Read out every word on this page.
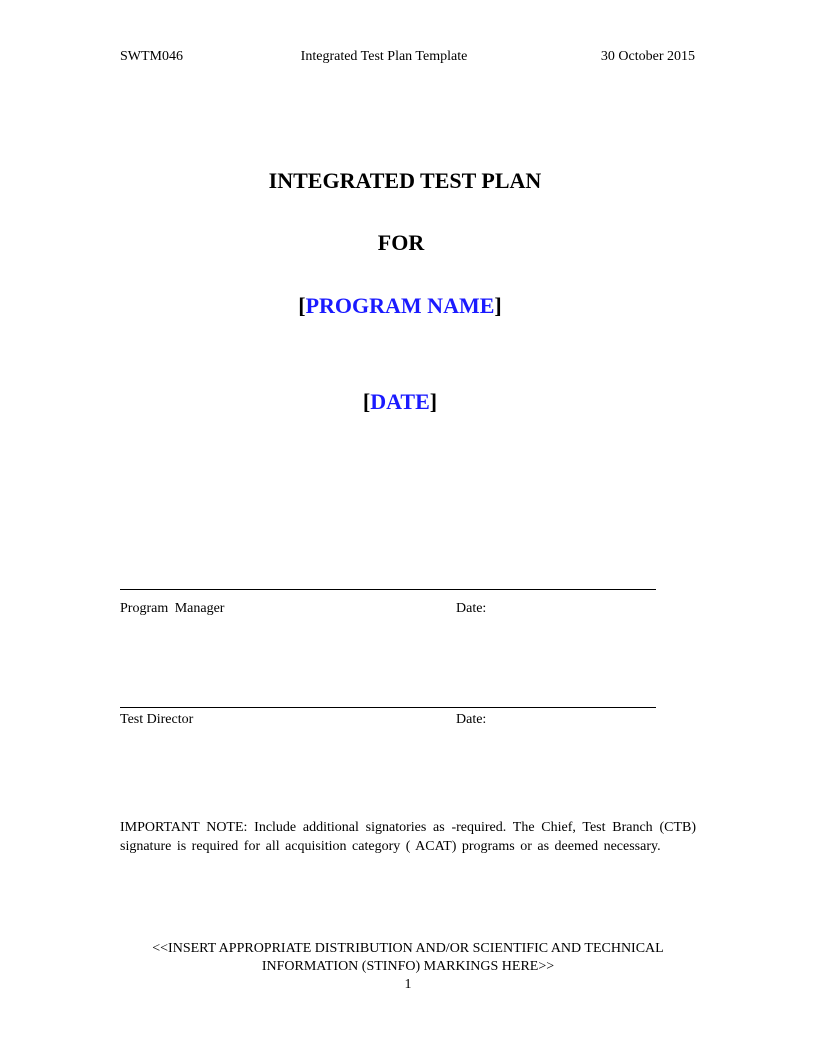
SWTM046	Integrated Test Plan Template	30 October 2015
INTEGRATED TEST PLAN
FOR
[PROGRAM NAME]
[DATE]
Program Manager	Date:
Test Director	Date:
IMPORTANT NOTE: Include additional signatories as -required. The Chief, Test Branch (CTB) signature is required for all acquisition category ( ACAT) programs or as deemed necessary.
<<INSERT APPROPRIATE DISTRIBUTION AND/OR SCIENTIFIC AND TECHNICAL
INFORMATION (STINFO) MARKINGS HERE>>
1
